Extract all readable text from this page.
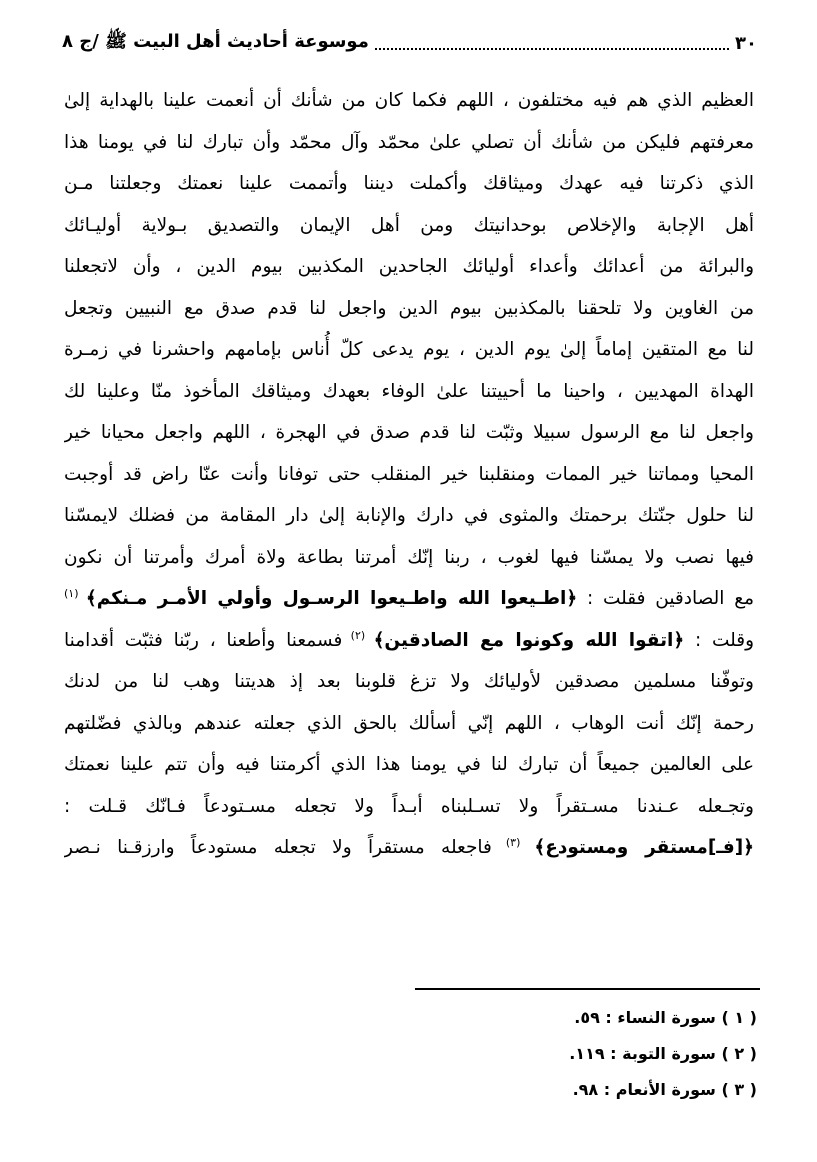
٣٠
موسوعة أحاديث أهل البيت ﷺ /ج ٨
العظيم الذي هم فيه مختلفون ، اللهم فكما كان من شأنك أن أنعمت علينا بالهداية إلىٰ
معرفتهم فليكن من شأنك أن تصلي علىٰ محمّد وآل محمّد وأن تبارك لنا في يومنا هذا
الذي ذكرتنا فيه عهدك وميثاقك وأكملت ديننا وأتممت علينا نعمتك وجعلتنا مـن
أهل الإجابة والإخلاص بوحدانيتك ومن أهل الإيمان والتصديق بـولاية أوليـائك
والبرائة من أعدائك وأعداء أوليائك الجاحدين المكذبين بيوم الدين ، وأن لاتجعلنا
من الغاوين ولا تلحقنا بالمكذبين بيوم الدين واجعل لنا قدم صدق مع النبيين وتجعل
لنا مع المتقين إماماً إلىٰ يوم الدين ، يوم يدعى كلّ أُناس بإمامهم واحشرنا في زمـرة
الهداة المهديين ، واحينا ما أحييتنا علىٰ الوفاء بعهدك وميثاقك المأخوذ منّا وعلينا لك
واجعل لنا مع الرسول سبيلا وثبّت لنا قدم صدق في الهجرة ، اللهم واجعل محيانا خير
المحيا ومماتنا خير الممات ومنقلبنا خير المنقلب حتى توفانا وأنت عنّا راض قد أوجبت
لنا حلول جنّتك برحمتك والمثوى في دارك والإنابة إلىٰ دار المقامة من فضلك لايمسّنا
فيها نصب ولا يمسّنا فيها لغوب ، ربنا إنّك أمرتنا بطاعة ولاة أمرك وأمرتنا أن نكون
مع الصادقين فقلت : ﴿اطـيعوا الله واطـيعوا الرسـول وأولي الأمـر مـنكم﴾ $^{(١)}$
وقلت : ﴿اتقوا الله وكونوا مع الصادقين﴾ $^{(٢)}$ فسمعنا وأطعنا ، ربّنا فثبّت أقدامنا
وتوفّنا مسلمين مصدقين لأوليائك ولا تزغ قلوبنا بعد إذ هديتنا وهب لنا من لدنك
رحمة إنّك أنت الوهاب ، اللهم إنّي أسألك بالحق الذي جعلته عندهم وبالذي فضّلتهم
على العالمين جميعاً أن تبارك لنا في يومنا هذا الذي أكرمتنا فيه وأن تتم علينا نعمتك
وتجـعله عـندنا مسـتقراً ولا تسـلبناه أبـداً ولا تجعله مسـتودعاً فـانّك قـلت :
﴿[فـ]مستقر ومستودع﴾ $^{(٣)}$ فاجعله مستقراً ولا تجعله مستودعاً وارزقـنا نـصر
( ١ ) سورة النساء : ٥٩.
( ٢ ) سورة التوبة : ١١٩.
( ٣ ) سورة الأنعام : ٩٨.
